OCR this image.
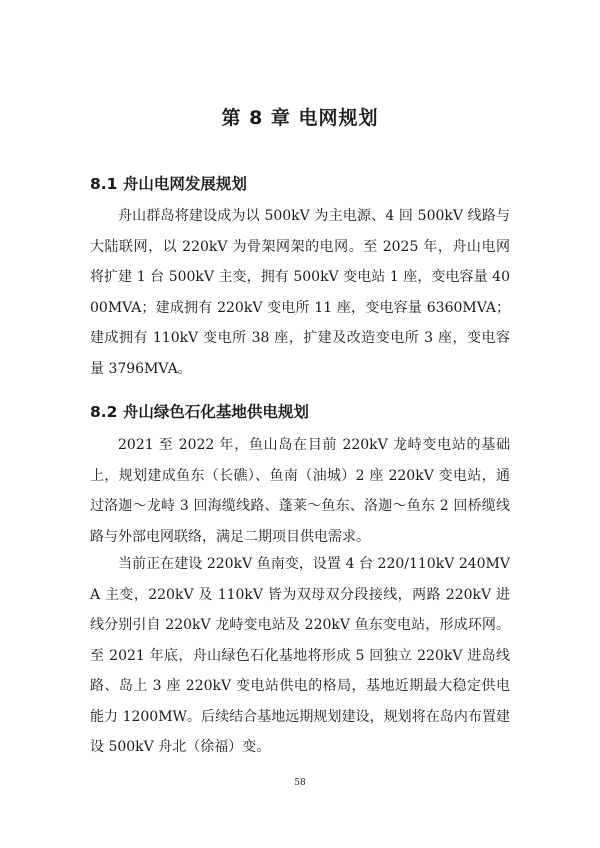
第 8 章 电网规划
8.1 舟山电网发展规划

舟山群岛将建设成为以 500kV 为主电源、4 回 500kV 线路与大陆联网，以 220kV 为骨架网架的电网。至 2025 年，舟山电网将扩建 1 台 500kV 主变，拥有 500kV 变电站 1 座，变电容量 4000MVA；建成拥有 220kV 变电所 11 座，变电容量 6360MVA；建成拥有 110kV 变电所 38 座，扩建及改造变电所 3 座，变电容量 3796MVA。

8.2 舟山绿色石化基地供电规划

2021 至 2022 年，鱼山岛在目前 220kV 龙峙变电站的基础上，规划建成鱼东（长礁）、鱼南（油城）2 座 220kV 变电站，通过洛迦～龙峙 3 回海缆线路、蓬莱～鱼东、洛迦～鱼东 2 回桥缆线路与外部电网联络，满足二期项目供电需求。

当前正在建设 220kV 鱼南变，设置 4 台 220/110kV 240MVA 主变，220kV 及 110kV 皆为双母双分段接线，两路 220kV 进线分别引自 220kV 龙峙变电站及 220kV 鱼东变电站，形成环网。至 2021 年底，舟山绿色石化基地将形成 5 回独立 220kV 进岛线路、岛上 3 座 220kV 变电站供电的格局，基地近期最大稳定供电能力 1200MW。后续结合基地远期规划建设，规划将在岛内布置建设 500kV 舟北（徐福）变。

58
